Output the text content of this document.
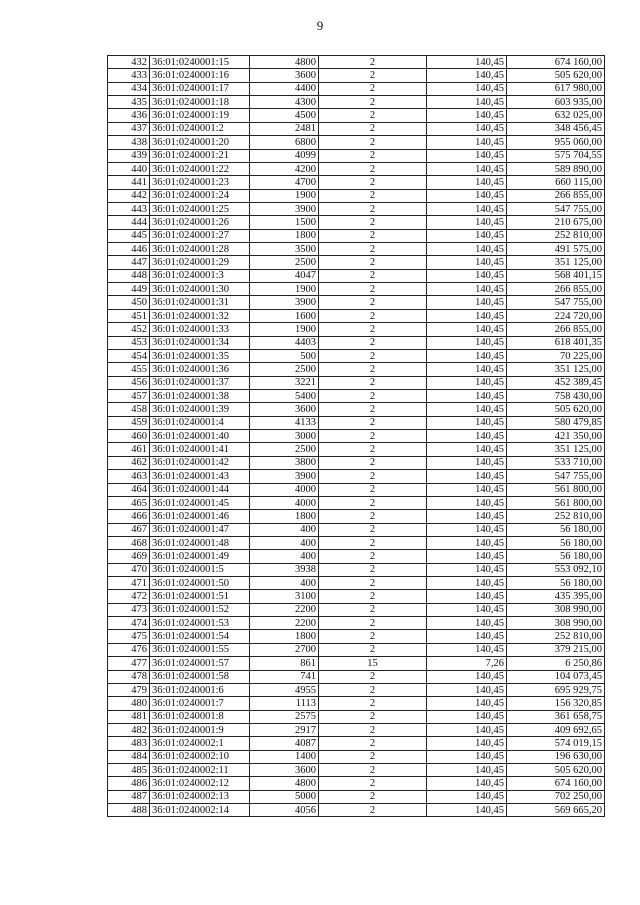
9
432	36:01:0240001:15	4800	2	140,45	674 160,00
433	36:01:0240001:16	3600	2	140,45	505 620,00
434	36:01:0240001:17	4400	2	140,45	617 980,00
435	36:01:0240001:18	4300	2	140,45	603 935,00
436	36:01:0240001:19	4500	2	140,45	632 025,00
437	36:01:0240001:2	2481	2	140,45	348 456,45
438	36:01:0240001:20	6800	2	140,45	955 060,00
439	36:01:0240001:21	4099	2	140,45	575 704,55
440	36:01:0240001:22	4200	2	140,45	589 890,00
441	36:01:0240001:23	4700	2	140,45	660 115,00
442	36:01:0240001:24	1900	2	140,45	266 855,00
443	36:01:0240001:25	3900	2	140,45	547 755,00
444	36:01:0240001:26	1500	2	140,45	210 675,00
445	36:01:0240001:27	1800	2	140,45	252 810,00
446	36:01:0240001:28	3500	2	140,45	491 575,00
447	36:01:0240001:29	2500	2	140,45	351 125,00
448	36:01:0240001:3	4047	2	140,45	568 401,15
449	36:01:0240001:30	1900	2	140,45	266 855,00
450	36:01:0240001:31	3900	2	140,45	547 755,00
451	36:01:0240001:32	1600	2	140,45	224 720,00
452	36:01:0240001:33	1900	2	140,45	266 855,00
453	36:01:0240001:34	4403	2	140,45	618 401,35
454	36:01:0240001:35	500	2	140,45	70 225,00
455	36:01:0240001:36	2500	2	140,45	351 125,00
456	36:01:0240001:37	3221	2	140,45	452 389,45
457	36:01:0240001:38	5400	2	140,45	758 430,00
458	36:01:0240001:39	3600	2	140,45	505 620,00
459	36:01:0240001:4	4133	2	140,45	580 479,85
460	36:01:0240001:40	3000	2	140,45	421 350,00
461	36:01:0240001:41	2500	2	140,45	351 125,00
462	36:01:0240001:42	3800	2	140,45	533 710,00
463	36:01:0240001:43	3900	2	140,45	547 755,00
464	36:01:0240001:44	4000	2	140,45	561 800,00
465	36:01:0240001:45	4000	2	140,45	561 800,00
466	36:01:0240001:46	1800	2	140,45	252 810,00
467	36:01:0240001:47	400	2	140,45	56 180,00
468	36:01:0240001:48	400	2	140,45	56 180,00
469	36:01:0240001:49	400	2	140,45	56 180,00
470	36:01:0240001:5	3938	2	140,45	553 092,10
471	36:01:0240001:50	400	2	140,45	56 180,00
472	36:01:0240001:51	3100	2	140,45	435 395,00
473	36:01:0240001:52	2200	2	140,45	308 990,00
474	36:01:0240001:53	2200	2	140,45	308 990,00
475	36:01:0240001:54	1800	2	140,45	252 810,00
476	36:01:0240001:55	2700	2	140,45	379 215,00
477	36:01:0240001:57	861	15	7,26	6 250,86
478	36:01:0240001:58	741	2	140,45	104 073,45
479	36:01:0240001:6	4955	2	140,45	695 929,75
480	36:01:0240001:7	1113	2	140,45	156 320,85
481	36:01:0240001:8	2575	2	140,45	361 658,75
482	36:01:0240001:9	2917	2	140,45	409 692,65
483	36:01:0240002:1	4087	2	140,45	574 019,15
484	36:01:0240002:10	1400	2	140,45	196 630,00
485	36:01:0240002:11	3600	2	140,45	505 620,00
486	36:01:0240002:12	4800	2	140,45	674 160,00
487	36:01:0240002:13	5000	2	140,45	702 250,00
488	36:01:0240002:14	4056	2	140,45	569 665,20
